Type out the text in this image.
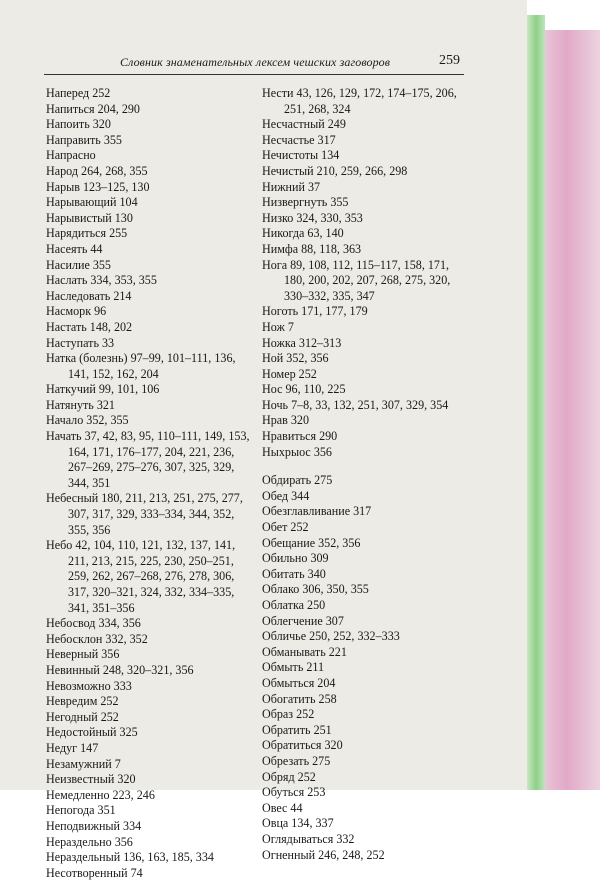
Словник знаменательных лексем чешских заговоров	259
Наперед 252
Напиться 204, 290
Напоить 320
Направить 355
Напрасно
Народ 264, 268, 355
Нарыв 123–125, 130
Нарывающий 104
Нарывистый 130
Нарядиться 255
Насеять 44
Насилие 355
Наслать 334, 353, 355
Наследовать 214
Насморк 96
Настать 148, 202
Наступать 33
Натка (болезнь) 97–99, 101–111, 136, 141, 152, 162, 204
Наткучий 99, 101, 106
Натянуть 321
Начало 352, 355
Начать 37, 42, 83, 95, 110–111, 149, 153, 164, 171, 176–177, 204, 221, 236, 267–269, 275–276, 307, 325, 329, 344, 351
Небесный 180, 211, 213, 251, 275, 277, 307, 317, 329, 333–334, 344, 352, 355, 356
Небо 42, 104, 110, 121, 132, 137, 141, 211, 213, 215, 225, 230, 250–251, 259, 262, 267–268, 276, 278, 306, 317, 320–321, 324, 332, 334–335, 341, 351–356
Небосвод 334, 356
Небосклон 332, 352
Неверный 356
Невинный 248, 320–321, 356
Невозможно 333
Невредим 252
Негодный 252
Недостойный 325
Недуг 147
Незамужний 7
Неизвестный 320
Немедленно 223, 246
Непогода 351
Неподвижный 334
Нераздельно 356
Нераздельный 136, 163, 185, 334
Несотворенный 74
Нести 43, 126, 129, 172, 174–175, 206, 251, 268, 324
Несчастный 249
Несчастье 317
Нечистоты 134
Нечистый 210, 259, 266, 298
Нижний 37
Низвергнуть 355
Низко 324, 330, 353
Никогда 63, 140
Нимфа 88, 118, 363
Нога 89, 108, 112, 115–117, 158, 171, 180, 200, 202, 207, 268, 275, 320, 330–332, 335, 347
Ноготь 171, 177, 179
Нож 7
Ножка 312–313
Ной 352, 356
Номер 252
Нос 96, 110, 225
Ночь 7–8, 33, 132, 251, 307, 329, 354
Нрав 320
Нравиться 290
Ныхрыос 356
Обдирать 275
Обед 344
Обезглавливание 317
Обет 252
Обещание 352, 356
Обильно 309
Обитать 340
Облако 306, 350, 355
Облатка 250
Облегчение 307
Обличье 250, 252, 332–333
Обманывать 221
Обмыть 211
Обмыться 204
Обогатить 258
Образ 252
Обратить 251
Обратиться 320
Обрезать 275
Обряд 252
Обуться 253
Овес 44
Овца 134, 337
Оглядываться 332
Огненный 246, 248, 252
